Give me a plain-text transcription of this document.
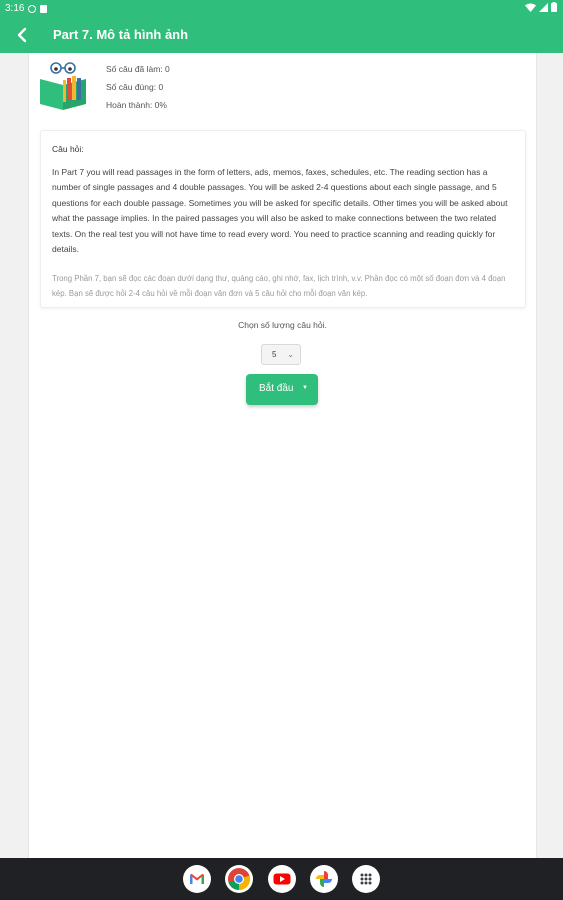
3:16
Part 7. Mô tả hình ảnh
Số câu đã làm: 0
Số câu đúng: 0
Hoàn thành: 0%
Câu hỏi:

In Part 7 you will read passages in the form of letters, ads, memos, faxes, schedules, etc. The reading section has a number of single passages and 4 double passages. You will be asked 2-4 questions about each single passage, and 5 questions for each double passage. Sometimes you will be asked for specific details. Other times you will be asked about what the passage implies. In the paired passages you will also be asked to make connections between the two related texts. On the real test you will not have time to read every word. You need to practice scanning and reading quickly for details.

Trong Phần 7, bạn sẽ đọc các đoạn dưới dạng thư, quảng cáo, ghi nhớ, fax, lịch trình, v.v. Phần đọc có một số đoạn đơn và 4 đoạn kép. Bạn sẽ được hỏi 2-4 câu hỏi về mỗi đoạn văn đơn và 5 câu hỏi cho mỗi đoạn văn kép.

Chọn số lượng câu hỏi.
5 ⌄
Bắt đầu ▼
